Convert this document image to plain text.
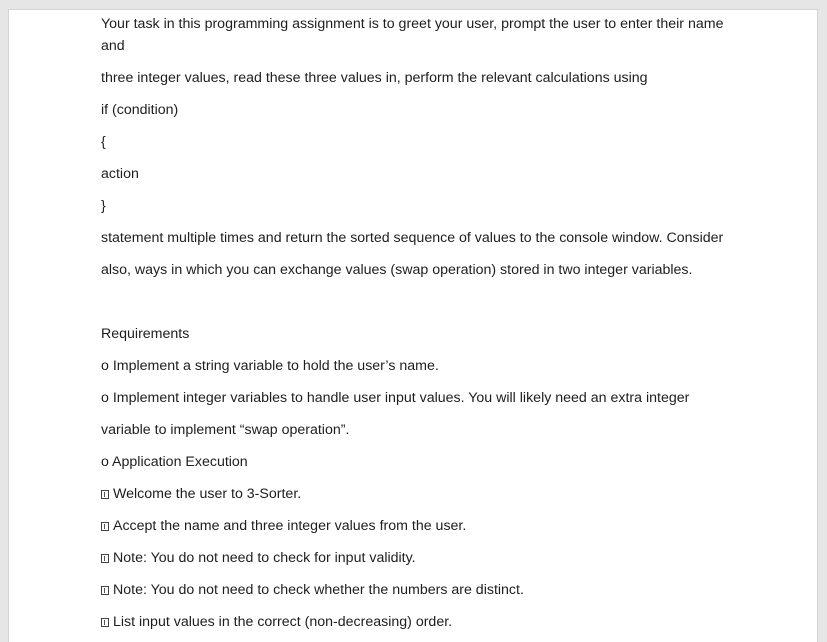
Your task in this programming assignment is to greet your user, prompt the user to enter their name and

three integer values, read these three values in, perform the relevant calculations using

if (condition)

{

action

}

statement multiple times and return the sorted sequence of values to the console window. Consider

also, ways in which you can exchange values (swap operation) stored in two integer variables.

Requirements

o Implement a string variable to hold the user’s name.

o Implement integer variables to handle user input values. You will likely need an extra integer

variable to implement “swap operation”.

o Application Execution

Welcome the user to 3-Sorter.

Accept the name and three integer values from the user.

Note: You do not need to check for input validity.

Note: You do not need to check whether the numbers are distinct.

List input values in the correct (non-decreasing) order.
